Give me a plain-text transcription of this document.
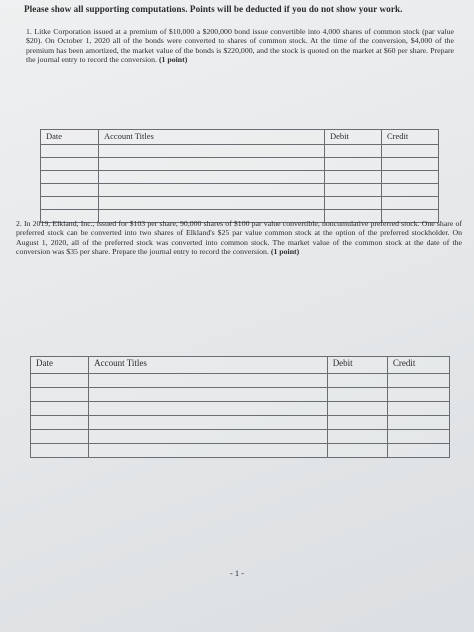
Please show all supporting computations. Points will be deducted if you do not show your work.
1. Litke Corporation issued at a premium of $10,000 a $200,000 bond issue convertible into 4,000 shares of common stock (par value $20). On October 1, 2020 all of the bonds were converted to shares of common stock. At the time of the conversion, $4,000 of the premium has been amortized, the market value of the bonds is $220,000, and the stock is quoted on the market at $60 per share. Prepare the journal entry to record the conversion. (1 point)
Date	Account Titles	Debit	Credit

2. In 2019, Elkland, Inc., issued for $103 per share, 90,000 shares of $100 par value convertible, noncumulative preferred stock. One share of preferred stock can be converted into two shares of Elkland's $25 par value common stock at the option of the preferred stockholder. On August 1, 2020, all of the preferred stock was converted into common stock. The market value of the common stock at the date of the conversion was $35 per share. Prepare the journal entry to record the conversion. (1 point)
Date	Account Titles	Debit	Credit

- 1 -
